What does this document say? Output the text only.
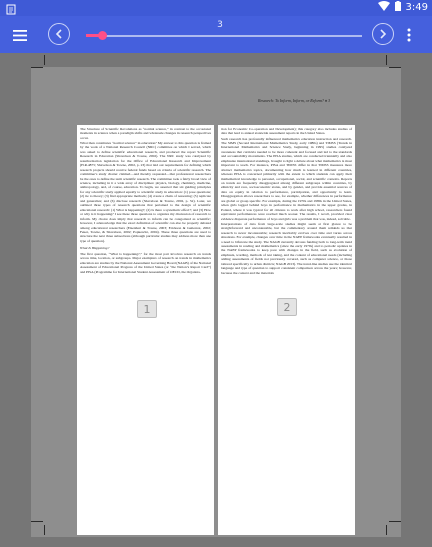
3:49
3
Research: To Inform, Inform, or Reform? ♦ 3

The Structure of Scientific Revolutions as “normal science,” in contrast to the occasional moments in science when a paradigm shifts and wholesale changes in research perspectives occur.

What then constitutes “normal science” in education? My answer to this question is framed by the work of a National Research Council (NRC) committee on which I served, which was asked to define scientific educational research, and produced the report Scientific Research in Education (Shavelson & Towne, 2002). The NRC study was catalyzed by reauthorization legislation for the Office of Educational Research and Improvement (H.R.4875; Shavelson & Towne, 2002, p. 23) that laid out requirements for defining which research projects should receive federal funds based on criteria of scientific research. The committee’s study charter claimed—and thereby requested—that professional researchers be the ones to define the term scientific research. The committee took a fairly broad view of science, including in it a wide array of disciplines: physics, biology, chemistry, medicine, anthropology, and, of course, education. To begin, we asserted that six guiding principles for any scientific study applied equally to scientific study in education: (1) pose questions; (2) tie to theory; (3) find appropriate methods; (4) create a chain of reasoning; (5) replicate and generalize; and (6) disclose research (Shavelson & Towne, 2002, p. 52). Later, we outlined three types of research questions that pertained to the design of scientific educational research: (1) What is happening?; (2) Is there a systematic effect?; and (3) How or why is it happening? I see these three questions to organize my discussion of research to inform. My choice does imply that research to inform can be categorized as scientific; however, I acknowledge that the exact definition of scientific can also be properly debated among educational researchers (Eisenhart & Towne, 2003; Erickson & Gutierrez, 2002; Feuer, Towne, & Shavelson, 2002; Popkewitz, 2004). These three questions are used to structure the next three subsections (although particular studies may address more than one type of question).

What Is Happening?

The first question, “What is happening?,” for the most part involves research on trends across time, location, or subgroups. Major exemplars of research on trends in mathematics education are studies by the National Assessment Governing Board (NAGB) of the National Assessment of Educational Progress of the United States (or “the Nation’s Report Card”) and PISA (Programme for International Student Assessment of OECD, the Organiza-

tion for Economic Co-operation and Development); this category also includes studies of data that lead to annual statewide assessment reports in the United States.

Such research has profoundly influenced mathematics education instruction and research. The SIMS (Second International Mathematics Study, early 1980s) and TIMSS (Trends in International Mathematics and Science Study, beginning in 1995) studies catalyzed awareness that curricula needed to be more coherent and focused and led to the standards and accountability movements. The PISA studies, which are conducted triennially and also emphasize international standings, brought to light a debate about what mathematics is most important to teach. For instance, PISA and TIMSS differ in that TIMSS measures more abstract mathematics topics, documenting how much is learned in different countries, whereas PISA is concerned primarily with the extent to which students can apply their mathematical knowledge to personal, occupational, social, and scientific contexts. Reports on trends are frequently disaggregated among different subgroups within countries, by ethnicity and race, socioeconomic status, and by gender, and provide essential sources of data on equity in relation to performance, participation, and opportunity to learn. Disaggregation allows researchers to see, for example, whether differences in performance are global or group specific. For example, during the 1970s and 1980s in the United States, when girls lagged behind boys in performance in mathematics in the upper grades, in Poland, where it was typical for all citizens to work after high school, researchers found equivalent performances were reached much sooner. The results, I recall, provided clear evidence disparate performance of boys and girls was a problem that was, indeed, solvable.

Interpretations of data from large-scale studies might seem at first glance to be straightforward and uncontestable, but the commentary around them reminds us that research is never incontestable; research inevitably evolves over time and varies across situations. For example, changes over time in the NAEP frameworks eventually resulted in a need to bifurcate the study. The NAGB currently devotes funding both to long-term trend assessments in reading and mathematics (since the early 1970s) and to periodic updates in the NAEP frameworks to keep pace with changes in the field, such as evolution of emphasis, wording, methods of test taking, and the content of educational needs (including adding assessments of fields not previously covered, such as computer science, or those tailored specifically to urban districts; NAGB 2013). The trend-line studies use the identical language and type of question to support consistent comparison across the years; however, because the context and the materials

1	2
